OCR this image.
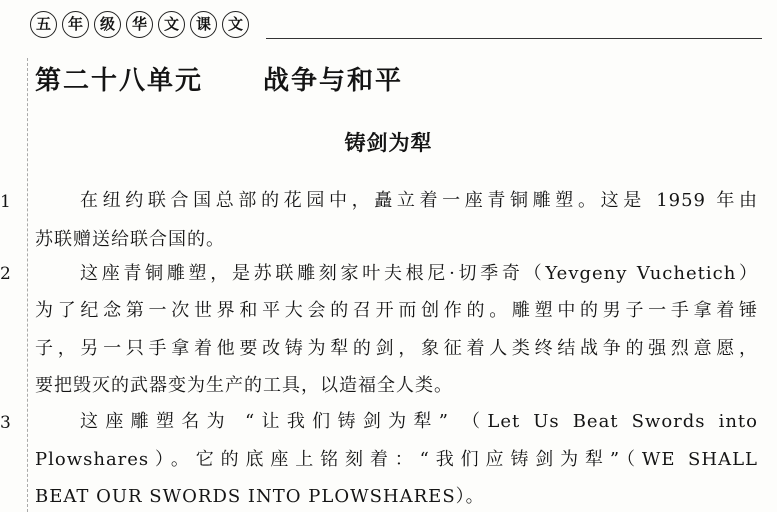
五	年	级	华	文	课	文
第二十八单元 战争与和平
铸剑为犁
1	在纽约联合国总部的花园中，矗立着一座青铜雕塑。这是 1959 年由
苏联赠送给联合国的。
2	这座青铜雕塑，是苏联雕刻家叶夫根尼·切季奇（Yevgeny Vuchetich）
为了纪念第一次世界和平大会的召开而创作的。雕塑中的男子一手拿着锤
子，另一只手拿着他要改铸为犁的剑，象征着人类终结战争的强烈意愿，
要把毁灭的武器变为生产的工具，以造福全人类。
3	这座雕塑名为 “让我们铸剑为犁” （Let Us Beat Swords into
Plowshares）。它的底座上铭刻着：“我们应铸剑为犁”（WE SHALL
BEAT OUR SWORDS INTO PLOWSHARES）。
